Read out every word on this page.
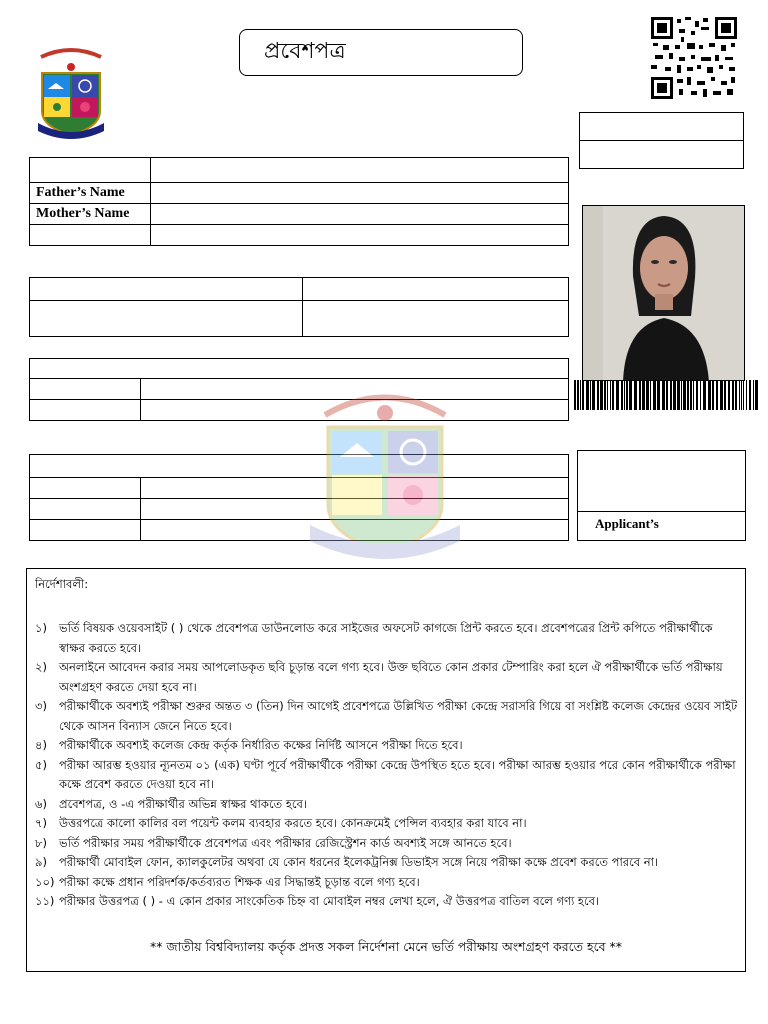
প্রবেশপত্র

Father’s Name	
Mother’s Name	

Applicant’s
নির্দেশাবলী:
১)	ভর্তি বিষয়ক ওয়েবসাইট ( ) থেকে প্রবেশপত্র ডাউনলোড করে সাইজের অফসেট কাগজে প্রিন্ট করতে হবে। প্রবেশপত্রের প্রিন্ট কপিতে পরীক্ষার্থীকে স্বাক্ষর করতে হবে।
২)	অনলাইনে আবেদন করার সময় আপলোডকৃত ছবি চূড়ান্ত বলে গণ্য হবে। উক্ত ছবিতে কোন প্রকার টেম্পারিং করা হলে ঐ পরীক্ষার্থীকে ভর্তি পরীক্ষায় অংশগ্রহণ করতে দেয়া হবে না।
৩)	পরীক্ষার্থীকে অবশ্যই পরীক্ষা শুরুর অন্তত ৩ (তিন) দিন আগেই প্রবেশপত্রে উল্লিখিত পরীক্ষা কেন্দ্রে সরাসরি গিয়ে বা সংশ্লিষ্ট কলেজ কেন্দ্রের ওয়েব সাইট থেকে আসন বিন্যাস জেনে নিতে হবে।
৪)	পরীক্ষার্থীকে অবশ্যই কলেজ কেন্দ্র কর্তৃক নির্ধারিত কক্ষের নির্দিষ্ট আসনে পরীক্ষা দিতে হবে।
৫)	পরীক্ষা আরম্ভ হওয়ার ন্যূনতম ০১ (এক) ঘণ্টা পূর্বে পরীক্ষার্থীকে পরীক্ষা কেন্দ্রে উপস্থিত হতে হবে। পরীক্ষা আরম্ভ হওয়ার পরে কোন পরীক্ষার্থীকে পরীক্ষা কক্ষে প্রবেশ করতে দেওয়া হবে না।
৬)	প্রবেশপত্র, ও -এ পরীক্ষার্থীর অভিন্ন স্বাক্ষর থাকতে হবে।
৭)	উত্তরপত্রে কালো কালির বল পয়েন্ট কলম ব্যবহার করতে হবে। কোনক্রমেই পেন্সিল ব্যবহার করা যাবে না।
৮)	ভর্তি পরীক্ষার সময় পরীক্ষার্থীকে প্রবেশপত্র এবং পরীক্ষার রেজিস্ট্রেশন কার্ড অবশ্যই সঙ্গে আনতে হবে।
৯)	পরীক্ষার্থী মোবাইল ফোন, ক্যালকুলেটর অথবা যে কোন ধরনের ইলেকট্রনিক্স ডিভাইস সঙ্গে নিয়ে পরীক্ষা কক্ষে প্রবেশ করতে পারবে না।
১০) পরীক্ষা কক্ষে প্রধান পরিদর্শক/কর্তব্যরত শিক্ষক এর সিদ্ধান্তই চূড়ান্ত বলে গণ্য হবে।
১১) পরীক্ষার উত্তরপত্র ( ) - এ কোন প্রকার সাংকেতিক চিহ্ন বা মোবাইল নম্বর লেখা হলে, ঐ উত্তরপত্র বাতিল বলে গণ্য হবে।
** জাতীয় বিশ্ববিদ্যালয় কর্তৃক প্রদত্ত সকল নির্দেশনা মেনে ভর্তি পরীক্ষায় অংশগ্রহণ করতে হবে **
